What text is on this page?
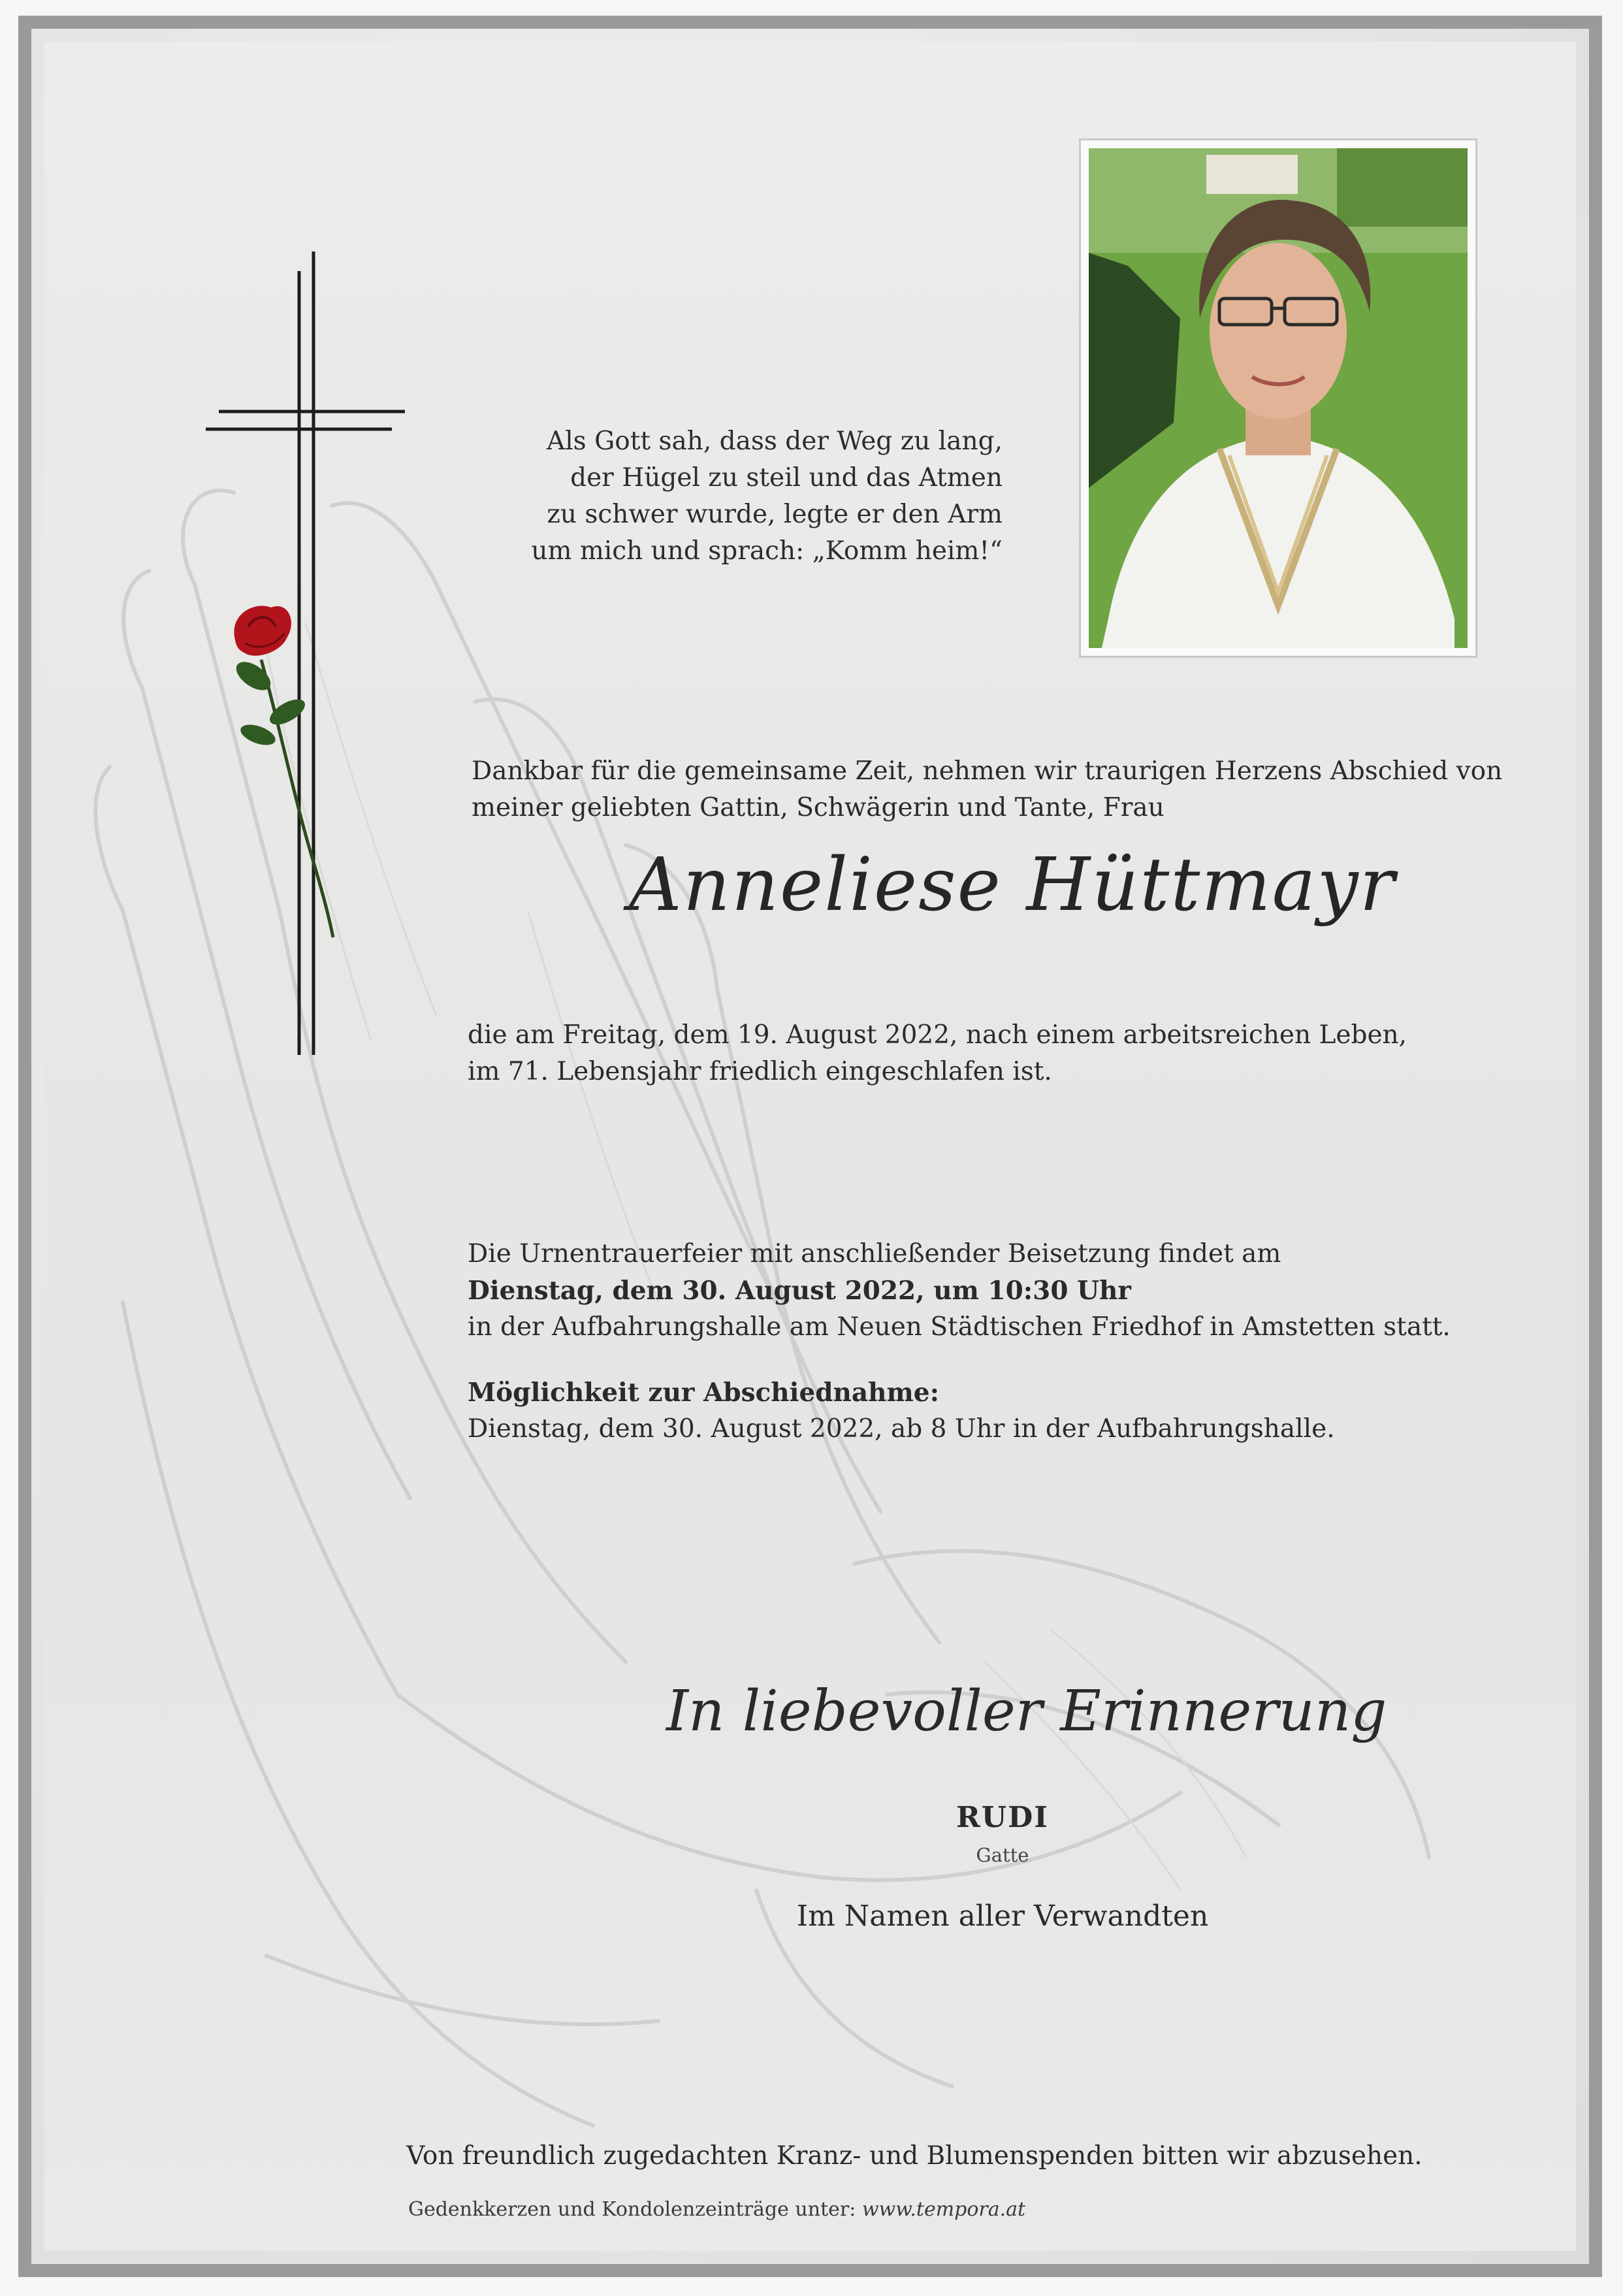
Als Gott sah, dass der Weg zu lang,
der Hügel zu steil und das Atmen
zu schwer wurde, legte er den Arm
um mich und sprach: „Komm heim!“
Dankbar für die gemeinsame Zeit, nehmen wir traurigen Herzens Abschied von
meiner geliebten Gattin, Schwägerin und Tante, Frau
Anneliese Hüttmayr
die am Freitag, dem 19. August 2022, nach einem arbeitsreichen Leben,
im 71. Lebensjahr friedlich eingeschlafen ist.
Die Urnentrauerfeier mit anschließender Beisetzung findet am
Dienstag, dem 30. August 2022, um 10:30 Uhr
in der Aufbahrungshalle am Neuen Städtischen Friedhof in Amstetten statt.
Möglichkeit zur Abschiednahme:
Dienstag, dem 30. August 2022, ab 8 Uhr in der Aufbahrungshalle.
In liebevoller Erinnerung
RUDI
Gatte
Im Namen aller Verwandten
Von freundlich zugedachten Kranz- und Blumenspenden bitten wir abzusehen.
Gedenkkerzen und Kondolenzeinträge unter: www.tempora.at
